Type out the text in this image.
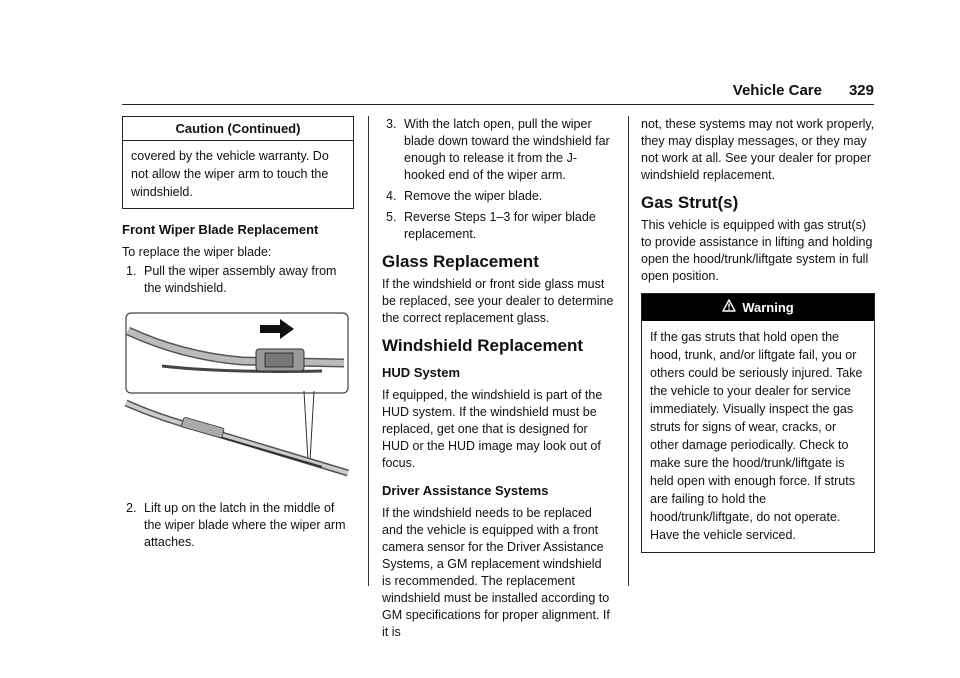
Vehicle Care 329
Caution (Continued)
covered by the vehicle warranty. Do not allow the wiper arm to touch the windshield.
Front Wiper Blade Replacement

To replace the wiper blade:

1. Pull the wiper assembly away from the windshield.
2. Lift up on the latch in the middle of the wiper blade where the wiper arm attaches.
3. With the latch open, pull the wiper blade down toward the windshield far enough to release it from the J-hooked end of the wiper arm.
4. Remove the wiper blade.
5. Reverse Steps 1–3 for wiper blade replacement.
Glass Replacement

If the windshield or front side glass must be replaced, see your dealer to determine the correct replacement glass.

Windshield Replacement
HUD System

If equipped, the windshield is part of the HUD system. If the windshield must be replaced, get one that is designed for HUD or the HUD image may look out of focus.

Driver Assistance Systems

If the windshield needs to be replaced and the vehicle is equipped with a front camera sensor for the Driver Assistance Systems, a GM replacement windshield is recommended. The replacement windshield must be installed according to GM specifications for proper alignment. If it is

not, these systems may not work properly, they may display messages, or they may not work at all. See your dealer for proper windshield replacement.

Gas Strut(s)

This vehicle is equipped with gas strut(s) to provide assistance in lifting and holding open the hood/trunk/liftgate system in full open position.

Warning
If the gas struts that hold open the hood, trunk, and/or liftgate fail, you or others could be seriously injured. Take the vehicle to your dealer for service immediately. Visually inspect the gas struts for signs of wear, cracks, or other damage periodically. Check to make sure the hood/trunk/liftgate is held open with enough force. If struts are failing to hold the hood/trunk/liftgate, do not operate. Have the vehicle serviced.
